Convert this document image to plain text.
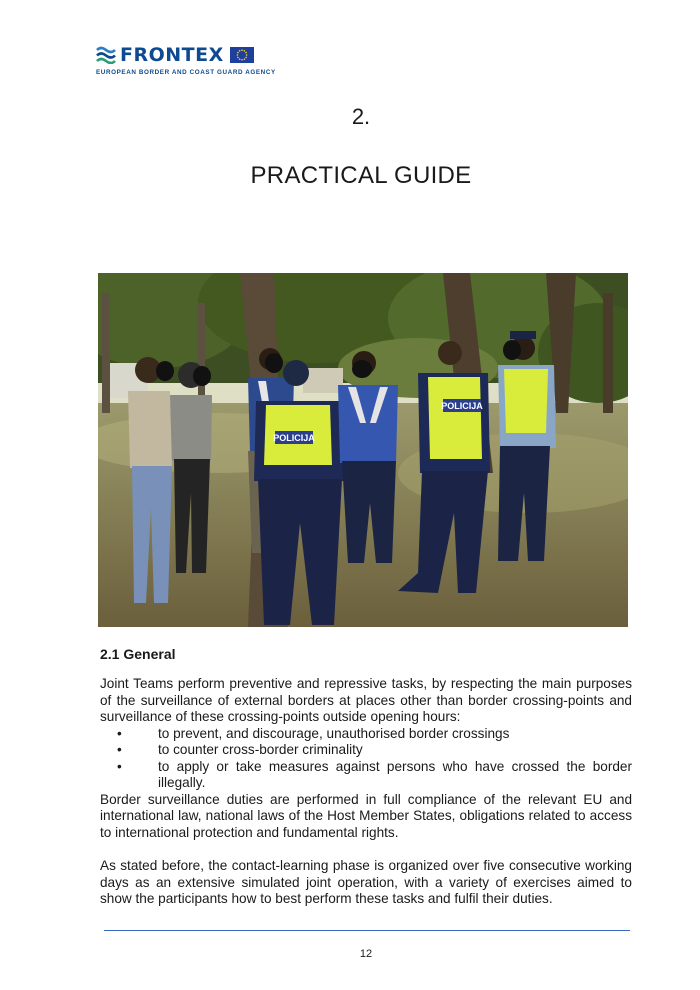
FRONTEX
EUROPEAN BORDER AND COAST GUARD AGENCY
2.
PRACTICAL GUIDE
POLICIJA
POLICIJA
2.1 General

Joint Teams perform preventive and repressive tasks, by respecting the main purposes of the surveillance of external borders at places other than border crossing-points and surveillance of these crossing-points outside opening hours:

• to prevent, and discourage, unauthorised border crossings
• to counter cross-border criminality
• to apply or take measures against persons who have crossed the border illegally.

Border surveillance duties are performed in full compliance of the relevant EU and international law, national laws of the Host Member States, obligations related to access to international protection and fundamental rights.

As stated before, the contact-learning phase is organized over five consecutive working days as an extensive simulated joint operation, with a variety of exercises aimed to show the participants how to best perform these tasks and fulfil their duties.

12
